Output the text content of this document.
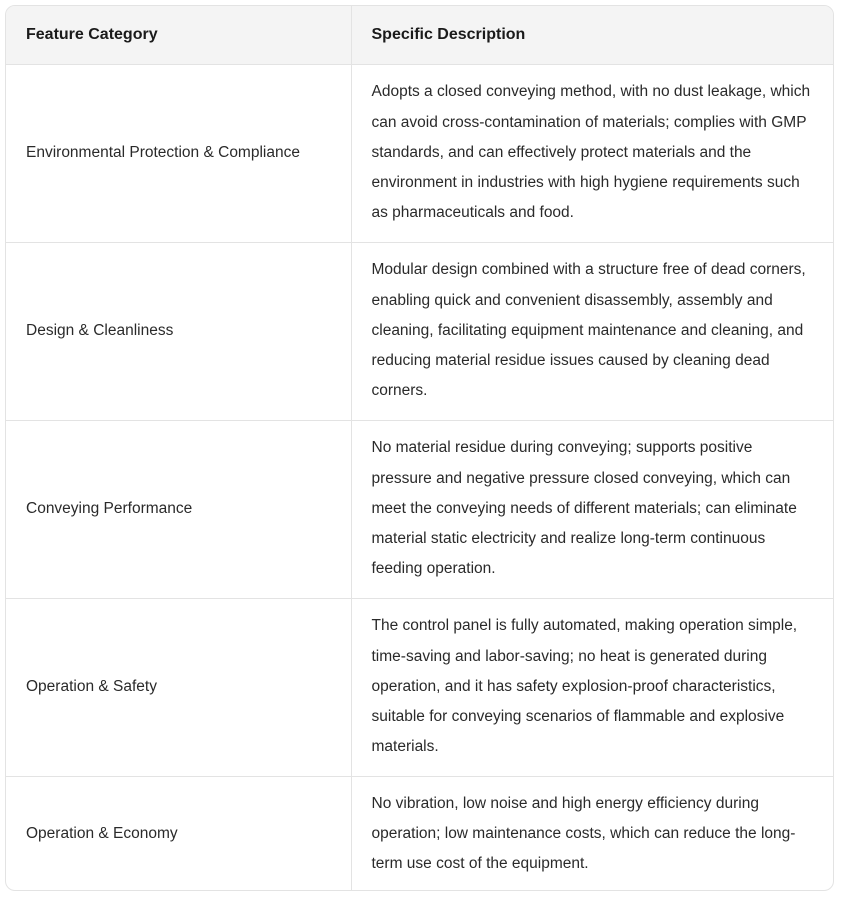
Feature Category	Specific Description
Environmental Protection & Compliance	Adopts a closed conveying method, with no dust leakage, which can avoid cross-contamination of materials; complies with GMP standards, and can effectively protect materials and the environment in industries with high hygiene requirements such as pharmaceuticals and food.
Design & Cleanliness	Modular design combined with a structure free of dead corners, enabling quick and convenient disassembly, assembly and cleaning, facilitating equipment maintenance and cleaning, and reducing material residue issues caused by cleaning dead corners.
Conveying Performance	No material residue during conveying; supports positive pressure and negative pressure closed conveying, which can meet the conveying needs of different materials; can eliminate material static electricity and realize long-term continuous feeding operation.
Operation & Safety	The control panel is fully automated, making operation simple, time-saving and labor-saving; no heat is generated during operation, and it has safety explosion-proof characteristics, suitable for conveying scenarios of flammable and explosive materials.
Operation & Economy	No vibration, low noise and high energy efficiency during operation; low maintenance costs, which can reduce the long-term use cost of the equipment.
